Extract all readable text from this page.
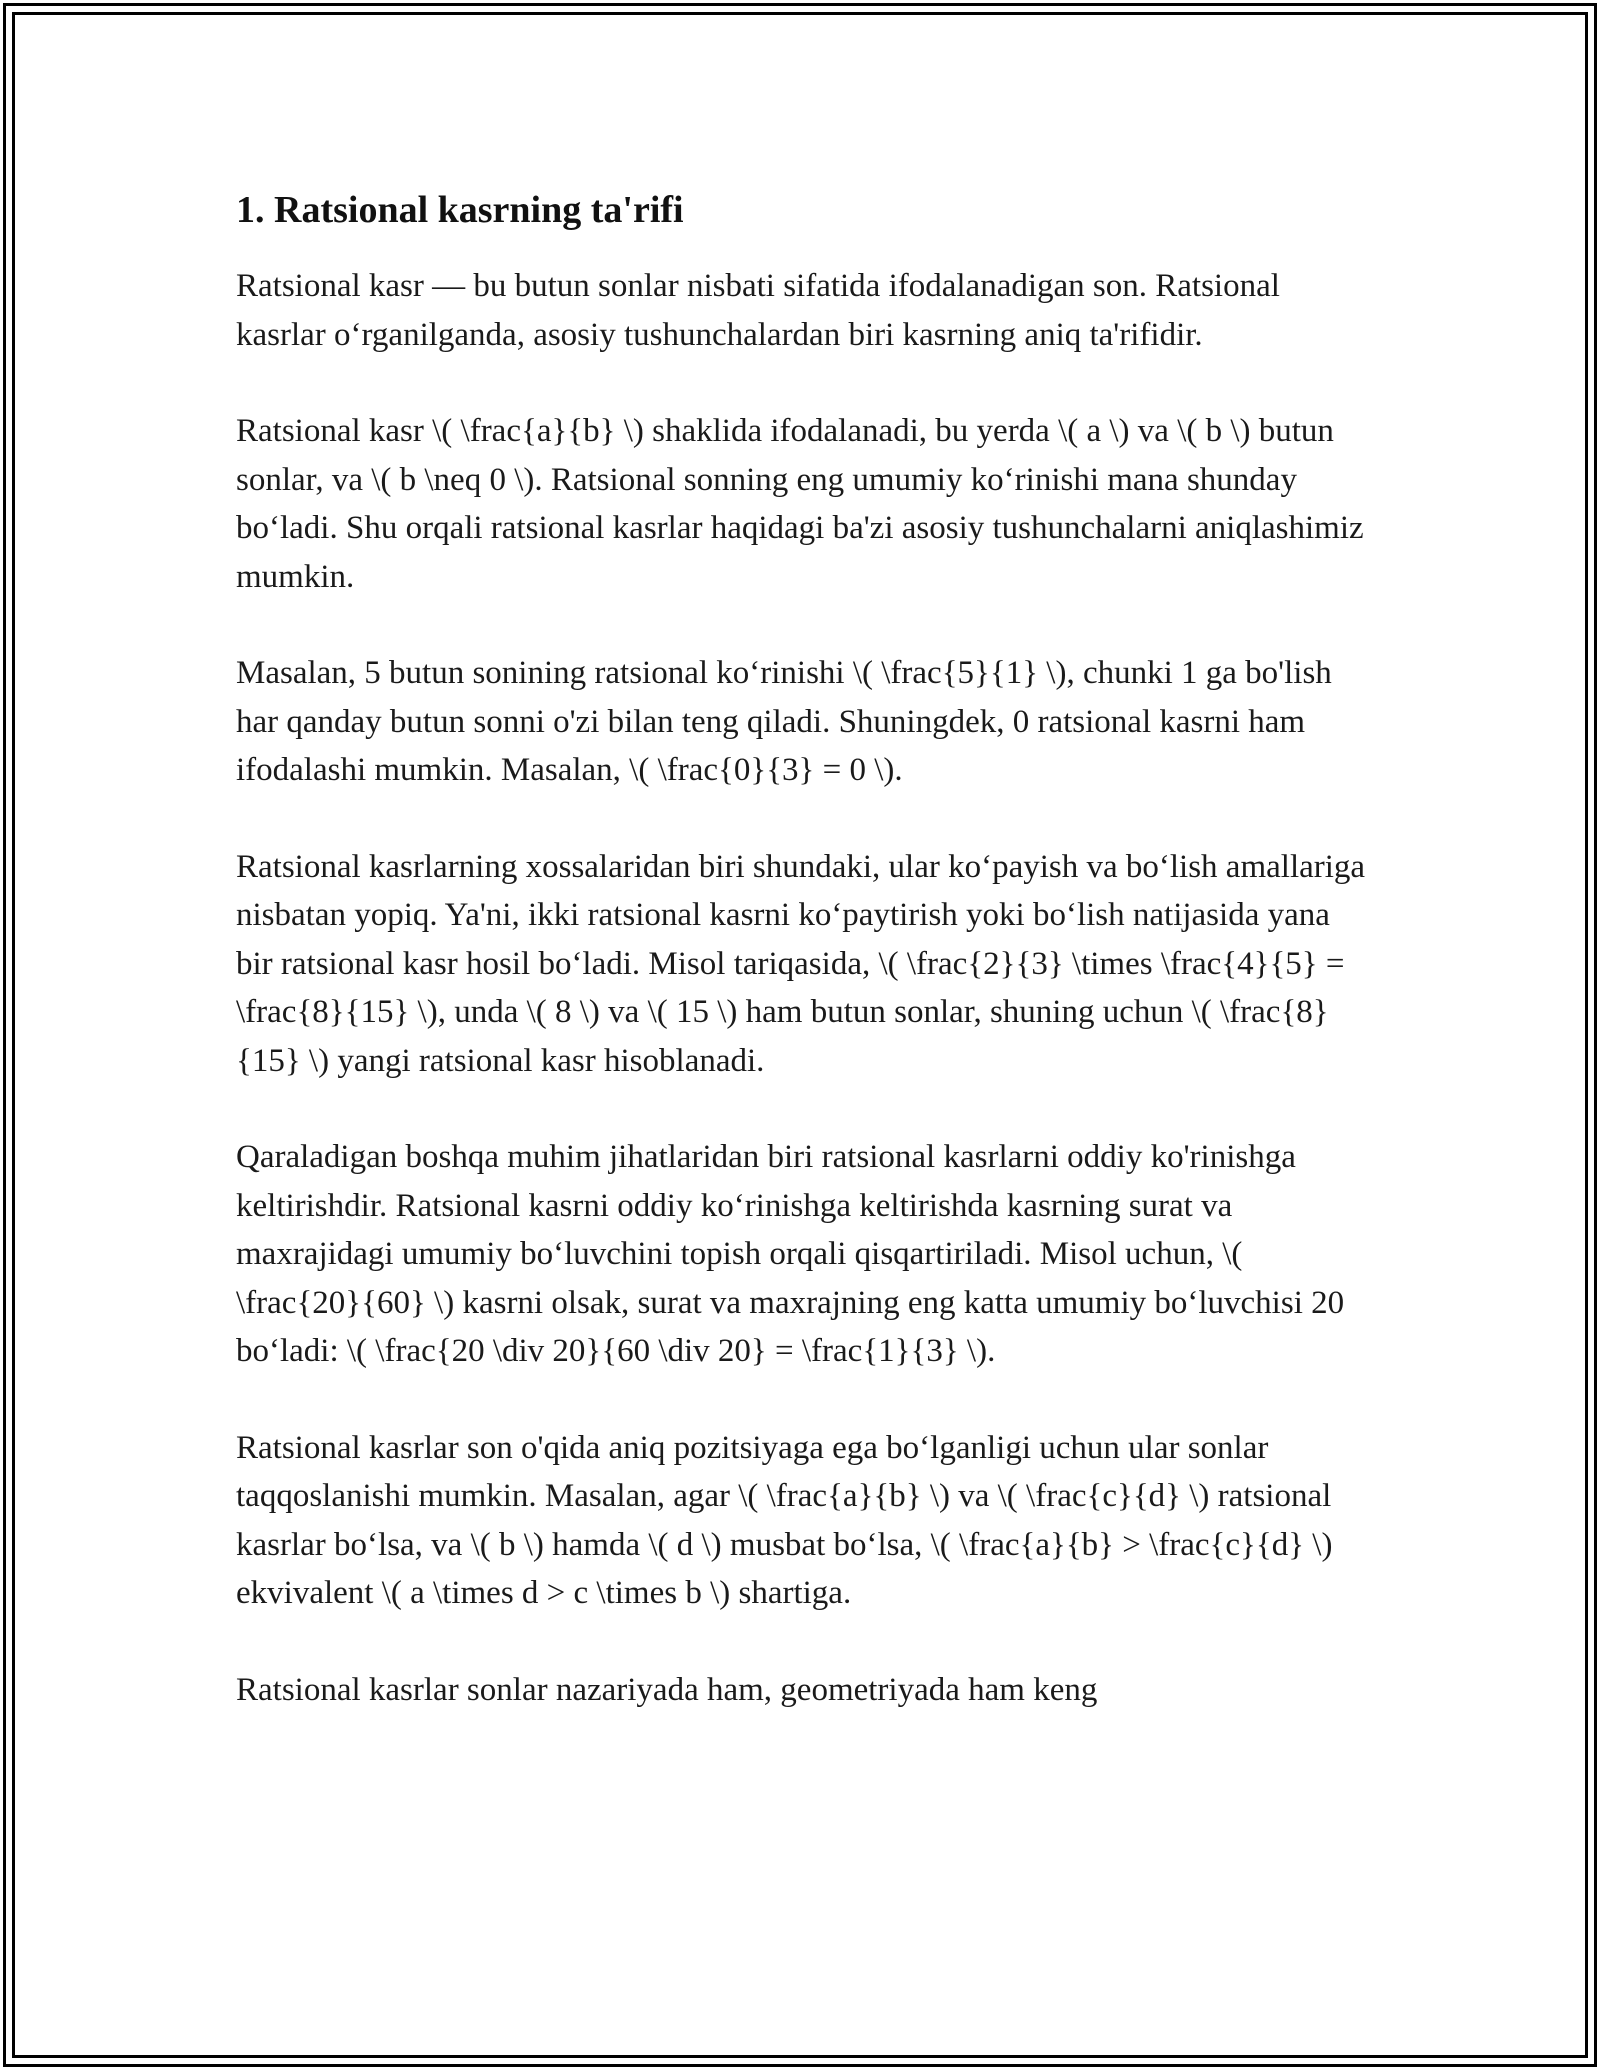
1. Ratsional kasrning ta'rifi

Ratsional kasr — bu butun sonlar nisbati sifatida ifodalanadigan son. Ratsional kasrlar oʻrganilganda, asosiy tushunchalardan biri kasrning aniq ta'rifidir.

Ratsional kasr \( \frac{a}{b} \) shaklida ifodalanadi, bu yerda \( a \) va \( b \) butun sonlar, va \( b \neq 0 \). Ratsional sonning eng umumiy koʻrinishi mana shunday boʻladi. Shu orqali ratsional kasrlar haqidagi ba'zi asosiy tushunchalarni aniqlashimiz mumkin.

Masalan, 5 butun sonining ratsional koʻrinishi \( \frac{5}{1} \), chunki 1 ga bo'lish har qanday butun sonni o'zi bilan teng qiladi. Shuningdek, 0 ratsional kasrni ham ifodalashi mumkin. Masalan, \( \frac{0}{3} = 0 \).

Ratsional kasrlarning xossalaridan biri shundaki, ular koʻpayish va boʻlish amallariga nisbatan yopiq. Ya'ni, ikki ratsional kasrni koʻpaytirish yoki boʻlish natijasida yana bir ratsional kasr hosil boʻladi. Misol tariqasida, \( \frac{2}{3} \times \frac{4}{5} = \frac{8}{15} \), unda \( 8 \) va \( 15 \) ham butun sonlar, shuning uchun \( \frac{8}{15} \) yangi ratsional kasr hisoblanadi.

Qaraladigan boshqa muhim jihatlaridan biri ratsional kasrlarni oddiy ko'rinishga keltirishdir. Ratsional kasrni oddiy koʻrinishga keltirishda kasrning surat va maxrajidagi umumiy boʻluvchini topish orqali qisqartiriladi. Misol uchun, \( \frac{20}{60} \) kasrni olsak, surat va maxrajning eng katta umumiy boʻluvchisi 20 boʻladi: \( \frac{20 \div 20}{60 \div 20} = \frac{1}{3} \).

Ratsional kasrlar son o'qida aniq pozitsiyaga ega boʻlganligi uchun ular sonlar taqqoslanishi mumkin. Masalan, agar \( \frac{a}{b} \) va \( \frac{c}{d} \) ratsional kasrlar boʻlsa, va \( b \) hamda \( d \) musbat boʻlsa, \( \frac{a}{b} > \frac{c}{d} \) ekvivalent \( a \times d > c \times b \) shartiga.

Ratsional kasrlar sonlar nazariyada ham, geometriyada ham keng
